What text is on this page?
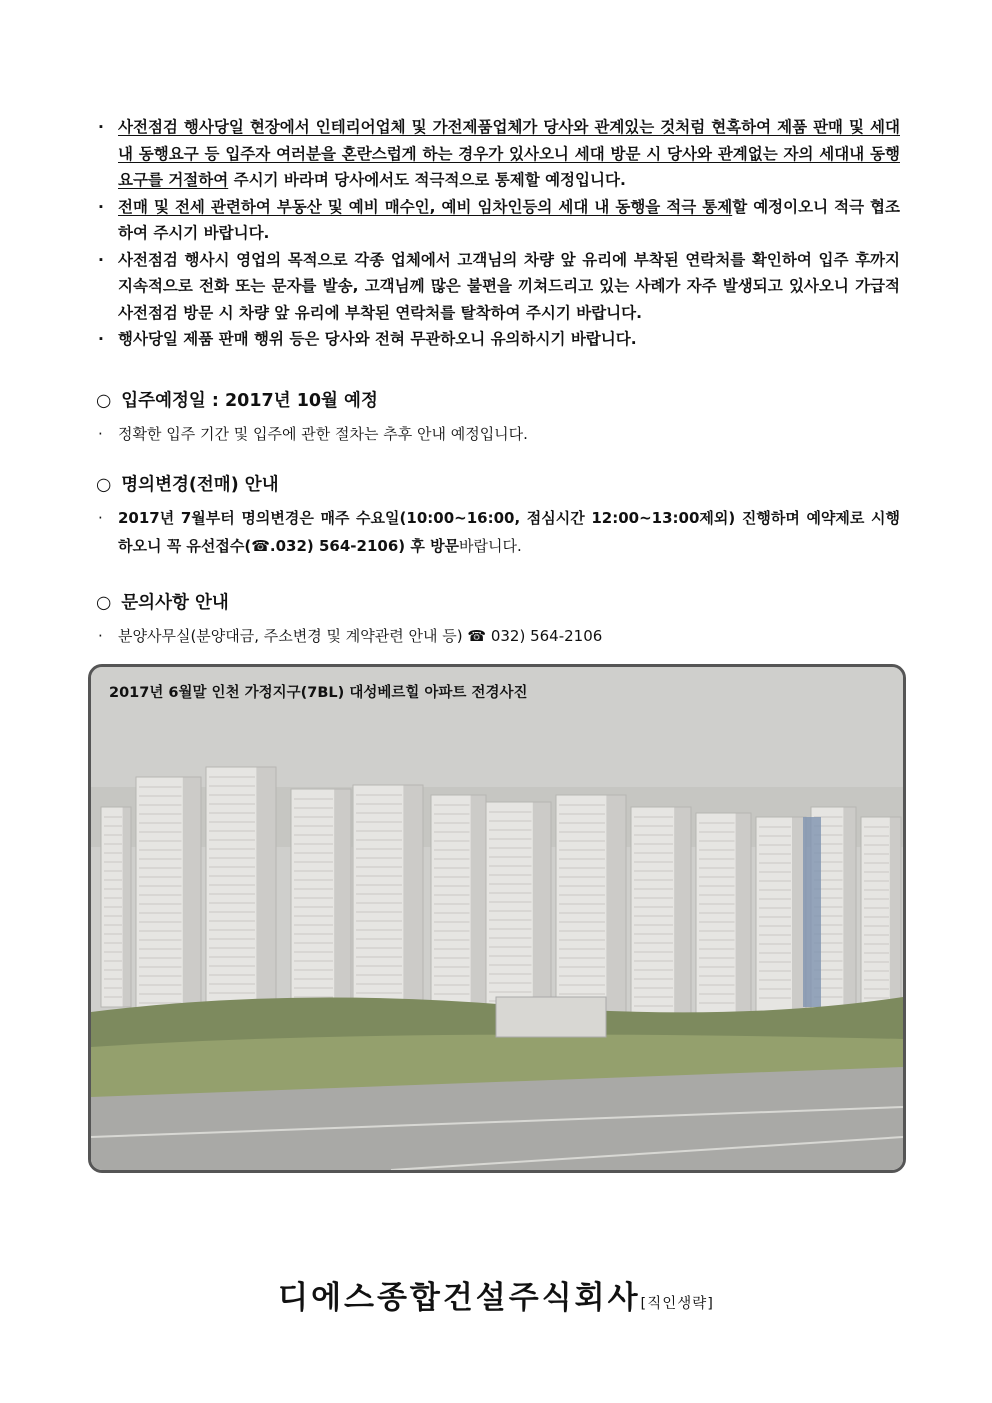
· 사전점검 행사당일 현장에서 인테리어업체 및 가전제품업체가 당사와 관계있는 것처럼 현혹하여 제품 판매 및 세대 내 동행요구 등 입주자 여러분을 혼란스럽게 하는 경우가 있사오니 세대 방문 시 당사와 관계없는 자의 세대내 동행 요구를 거절하여 주시기 바라며 당사에서도 적극적으로 통제할 예정입니다.
· 전매 및 전세 관련하여 부동산 및 예비 매수인, 예비 임차인등의 세대 내 동행을 적극 통제할 예정이오니 적극 협조하여 주시기 바랍니다.
· 사전점검 행사시 영업의 목적으로 각종 업체에서 고객님의 차량 앞 유리에 부착된 연락처를 확인하여 입주 후까지 지속적으로 전화 또는 문자를 발송, 고객님께 많은 불편을 끼쳐드리고 있는 사례가 자주 발생되고 있사오니 가급적 사전점검 방문 시 차량 앞 유리에 부착된 연락처를 탈착하여 주시기 바랍니다.
· 행사당일 제품 판매 행위 등은 당사와 전혀 무관하오니 유의하시기 바랍니다.

○ 입주예정일 : 2017년 10월 예정

· 정확한 입주 기간 및 입주에 관한 절차는 추후 안내 예정입니다.

○ 명의변경(전매) 안내

· 2017년 7월부터 명의변경은 매주 수요일(10:00~16:00, 점심시간 12:00~13:00제외) 진행하며 예약제로 시행하오니 꼭 유선접수(☎.032) 564-2106) 후 방문바랍니다.

○ 문의사항 안내

· 분양사무실(분양대금, 주소변경 및 계약관련 안내 등) ☎ 032) 564-2106
2017년 6월말 인천 가정지구(7BL) 대성베르힐 아파트 전경사진
디에스종합건설주식회사[직인생략]
